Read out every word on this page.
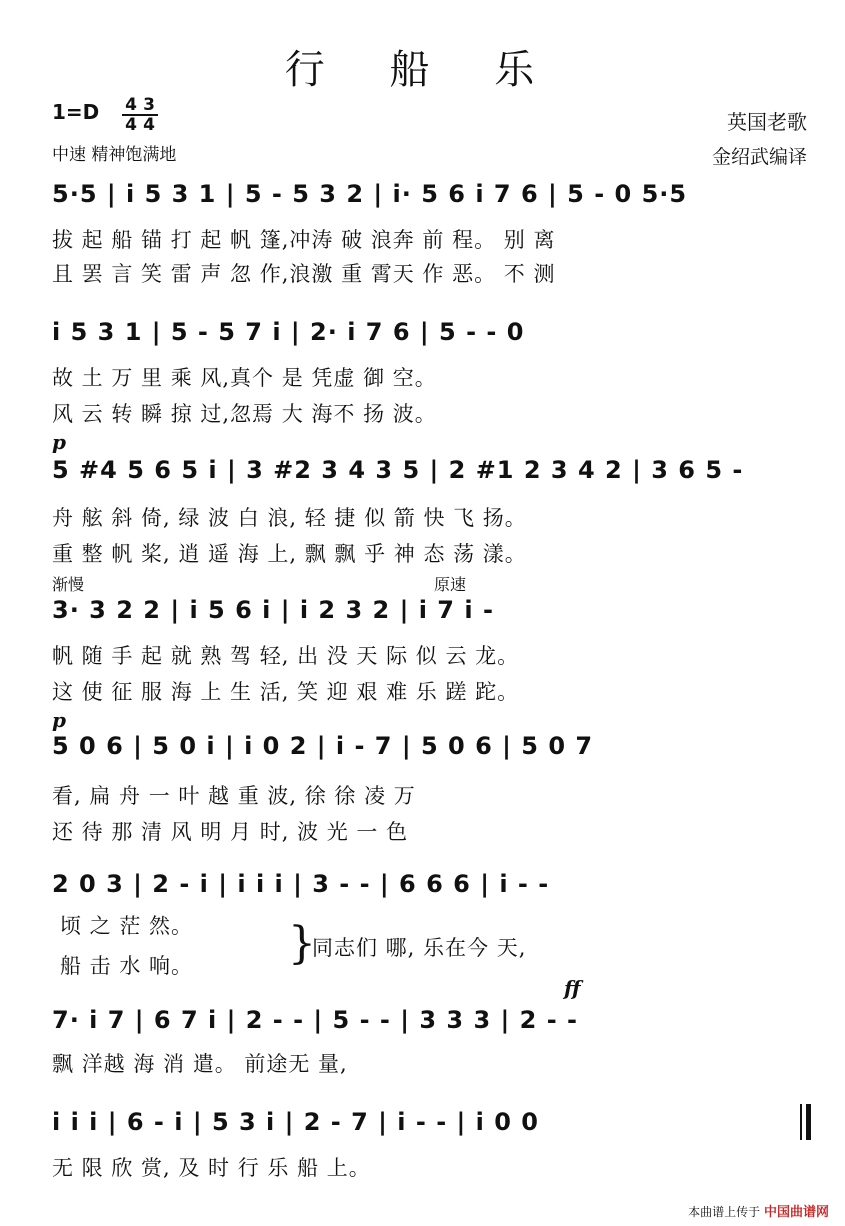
行 船 乐
1=D 4 3
4 4
中速 精神饱满地
英国老歌
金绍武编译
5·5 | i 5 3 1 | 5 - 5 3 2 | i· 5 6 i 7 6 | 5 - 0 5·5
拔 起 船 锚 打 起 帆 篷,冲涛 破 浪奔 前 程。 别 离
且 罢 言 笑 雷 声 忽 作,浪激 重 霄天 作 恶。 不 测
i 5 3 1 | 5 - 5 7 i | 2· i 7 6 | 5 - - 0
故 土 万 里 乘 风,真个 是 凭虚 御 空。
风 云 转 瞬 掠 过,忽焉 大 海不 扬 波。
p
5 #4 5 6 5 i | 3 #2 3 4 3 5 | 2 #1 2 3 4 2 | 3 6 5 -
舟 舷 斜 倚, 绿 波 白 浪, 轻 捷 似 箭 快 飞 扬。
重 整 帆 桨, 逍 遥 海 上, 飘 飘 乎 神 态 荡 漾。
渐慢	原速
3· 3 2 2 | i 5 6 i | i 2 3 2 | i 7 i -
帆 随 手 起 就 熟 驾 轻, 出 没 天 际 似 云 龙。
这 使 征 服 海 上 生 活, 笑 迎 艰 难 乐 蹉 跎。
p
5 0 6 | 5 0 i | i 0 2 | i - 7 | 5 0 6 | 5 0 7
看, 扁 舟 一 叶 越 重 波, 徐 徐 凌 万
还 待 那 清 风 明 月 时, 波 光 一 色
2 0 3 | 2 - i | i i i | 3 - - | 6 6 6 | i - -
顷 之 茫 然。
船 击 水 响。 }
同志们 哪, 乐在今 天,
ff
7· i 7 | 6 7 i | 2 - - | 5 - - | 3 3 3 | 2 - -
飘 洋越 海 消 遣。 前途无 量,
i i i | 6 - i | 5 3 i | 2 - 7 | i - - | i 0 0
无 限 欣 赏, 及 时 行 乐 船 上。
本曲谱上传于 中国曲谱网
